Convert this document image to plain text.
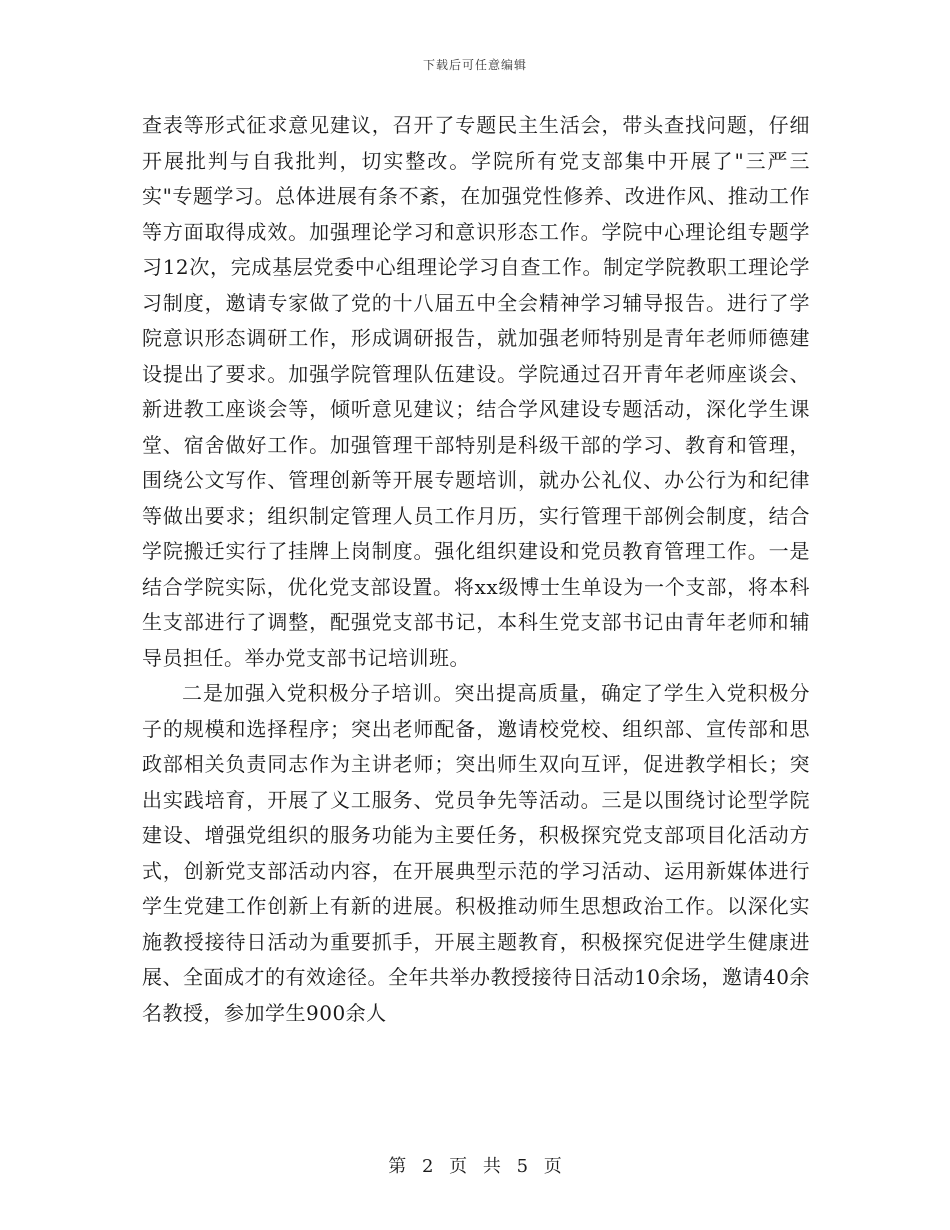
下载后可任意编辑

查表等形式征求意见建议，召开了专题民主生活会，带头查找问题，仔细开展批判与自我批判，切实整改。学院所有党支部集中开展了"三严三实"专题学习。总体进展有条不紊，在加强党性修养、改进作风、推动工作等方面取得成效。加强理论学习和意识形态工作。学院中心理论组专题学习12次，完成基层党委中心组理论学习自查工作。制定学院教职工理论学习制度，邀请专家做了党的十八届五中全会精神学习辅导报告。进行了学院意识形态调研工作，形成调研报告，就加强老师特别是青年老师师德建设提出了要求。加强学院管理队伍建设。学院通过召开青年老师座谈会、新进教工座谈会等，倾听意见建议；结合学风建设专题活动，深化学生课堂、宿舍做好工作。加强管理干部特别是科级干部的学习、教育和管理，围绕公文写作、管理创新等开展专题培训，就办公礼仪、办公行为和纪律等做出要求；组织制定管理人员工作月历，实行管理干部例会制度，结合学院搬迁实行了挂牌上岗制度。强化组织建设和党员教育管理工作。一是结合学院实际，优化党支部设置。将xx级博士生单设为一个支部，将本科生支部进行了调整，配强党支部书记，本科生党支部书记由青年老师和辅导员担任。举办党支部书记培训班。

二是加强入党积极分子培训。突出提高质量，确定了学生入党积极分子的规模和选择程序；突出老师配备，邀请校党校、组织部、宣传部和思政部相关负责同志作为主讲老师；突出师生双向互评，促进教学相长；突出实践培育，开展了义工服务、党员争先等活动。三是以围绕讨论型学院建设、增强党组织的服务功能为主要任务，积极探究党支部项目化活动方式，创新党支部活动内容，在开展典型示范的学习活动、运用新媒体进行学生党建工作创新上有新的进展。积极推动师生思想政治工作。以深化实施教授接待日活动为重要抓手，开展主题教育，积极探究促进学生健康进展、全面成才的有效途径。全年共举办教授接待日活动10余场，邀请40余名教授，参加学生900余人

第 2 页 共 5 页
